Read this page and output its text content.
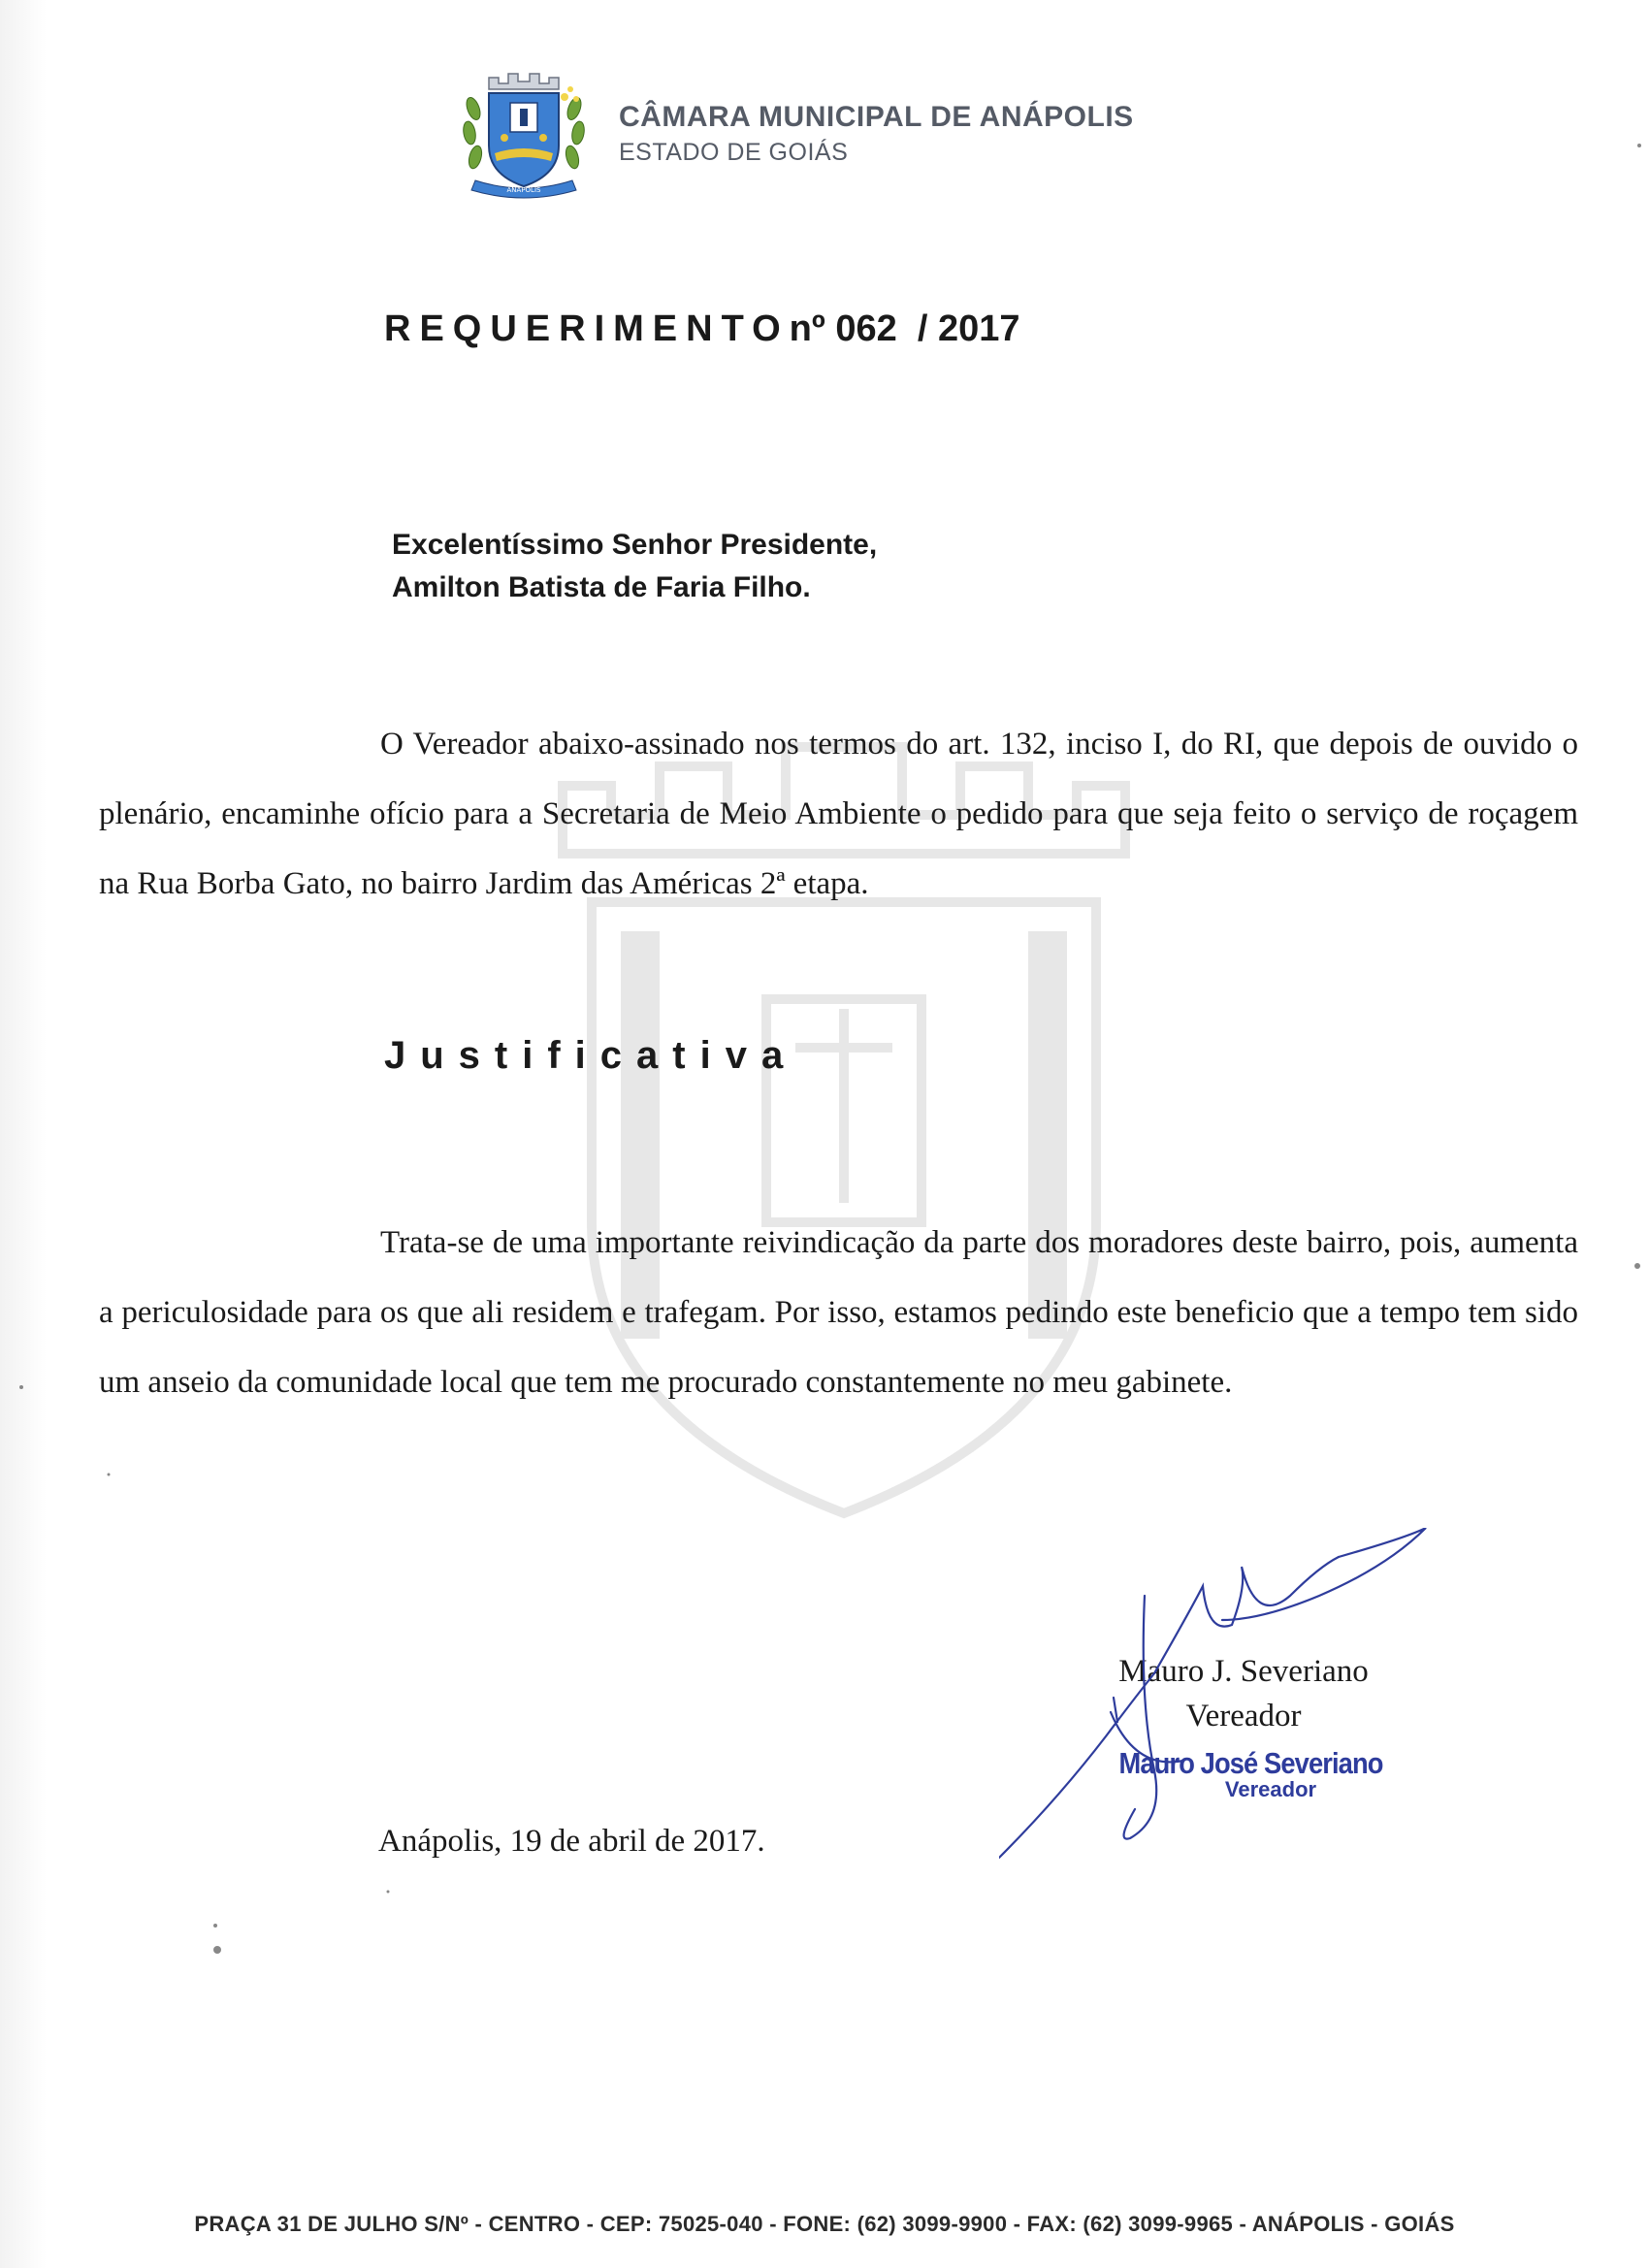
ANÁPOLIS
CÂMARA MUNICIPAL DE ANÁPOLIS
ESTADO DE GOIÁS
REQUERIMENTOnº 062  / 2017
Excelentíssimo Senhor Presidente,
Amilton Batista de Faria Filho.

O Vereador abaixo-assinado nos termos do art. 132, inciso I, do RI, que depois de ouvido o plenário, encaminhe ofício para a Secretaria de Meio Ambiente o pedido para que seja feito o serviço de roçagem na Rua Borba Gato, no bairro Jardim das Américas 2ª etapa.

Justificativa

Trata-se de uma importante reivindicação da parte dos moradores deste bairro, pois, aumenta a periculosidade para os que ali residem e trafegam. Por isso, estamos pedindo este beneficio que a tempo tem sido um anseio da comunidade local que tem me procurado constantemente no meu gabinete.

Mauro J. Severiano
Vereador
Mauro José Severiano
Vereador
Anápolis, 19 de abril de 2017.
PRAÇA 31 DE JULHO S/Nº - CENTRO - CEP: 75025-040 - FONE: (62) 3099-9900 - FAX: (62) 3099-9965 - ANÁPOLIS - GOIÁS
